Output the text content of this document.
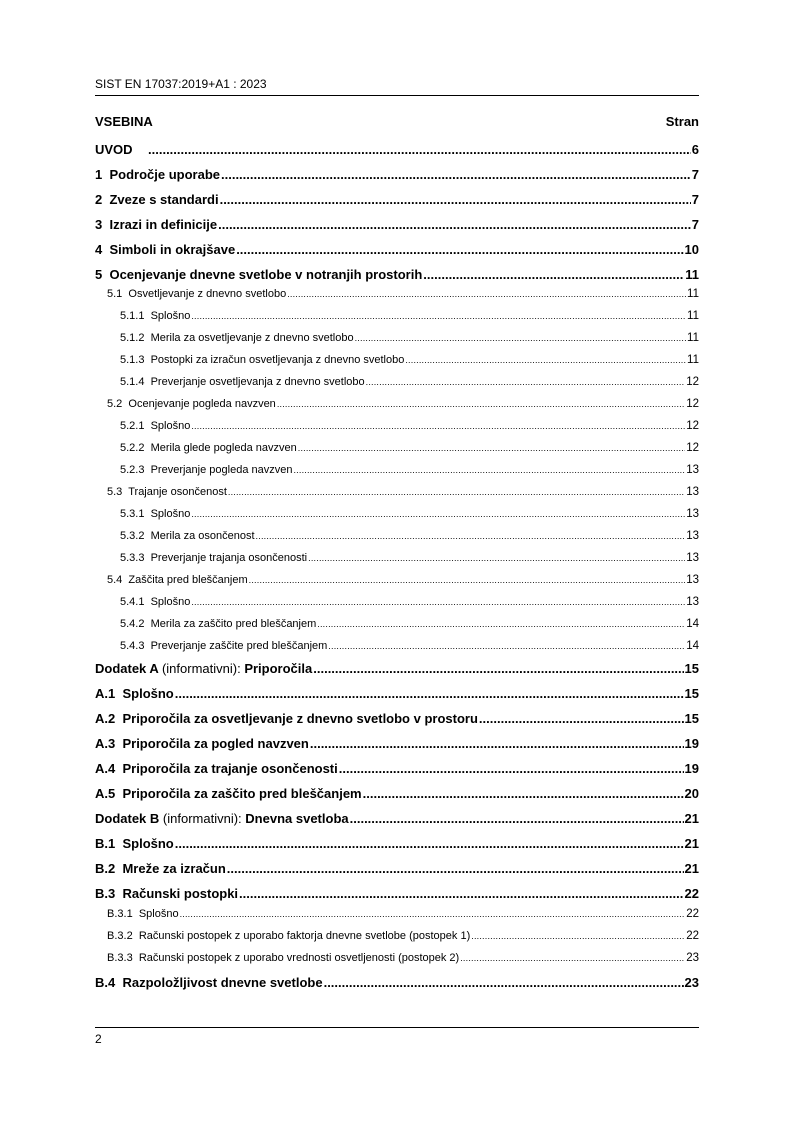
SIST EN 17037:2019+A1 : 2023
VSEBINA	Stran
UVOD .....	6
1 Področje uporabe .....	7
2 Zveze s standardi .....	7
3 Izrazi in definicije .....	7
4 Simboli in okrajšave .....	10
5 Ocenjevanje dnevne svetlobe v notranjih prostorih .....	11
5.1 Osvetljevanje z dnevno svetlobo .....	11
5.1.1 Splošno .....	11
5.1.2 Merila za osvetljevanje z dnevno svetlobo .....	11
5.1.3 Postopki za izračun osvetljevanja z dnevno svetlobo .....	11
5.1.4 Preverjanje osvetljevanja z dnevno svetlobo .....	12
5.2 Ocenjevanje pogleda navzven .....	12
5.2.1 Splošno .....	12
5.2.2 Merila glede pogleda navzven .....	12
5.2.3 Preverjanje pogleda navzven .....	13
5.3 Trajanje osončenost .....	13
5.3.1 Splošno .....	13
5.3.2 Merila za osončenost .....	13
5.3.3 Preverjanje trajanja osončenosti .....	13
5.4 Zaščita pred bleščanjem .....	13
5.4.1 Splošno .....	13
5.4.2 Merila za zaščito pred bleščanjem .....	14
5.4.3 Preverjanje zaščite pred bleščanjem .....	14
Dodatek A (informativni): Priporočila .....	15
A.1 Splošno .....	15
A.2 Priporočila za osvetljevanje z dnevno svetlobo v prostoru .....	15
A.3 Priporočila za pogled navzven .....	19
A.4 Priporočila za trajanje osončenosti .....	19
A.5 Priporočila za zaščito pred bleščanjem .....	20
Dodatek B (informativni): Dnevna svetloba .....	21
B.1 Splošno .....	21
B.2 Mreže za izračun .....	21
B.3 Računski postopki .....	22
B.3.1 Splošno .....	22
B.3.2 Računski postopek z uporabo faktorja dnevne svetlobe (postopek 1) .....	22
B.3.3 Računski postopek z uporabo vrednosti osvetljenosti (postopek 2) .....	23
B.4 Razpoložljivost dnevne svetlobe .....	23
2
